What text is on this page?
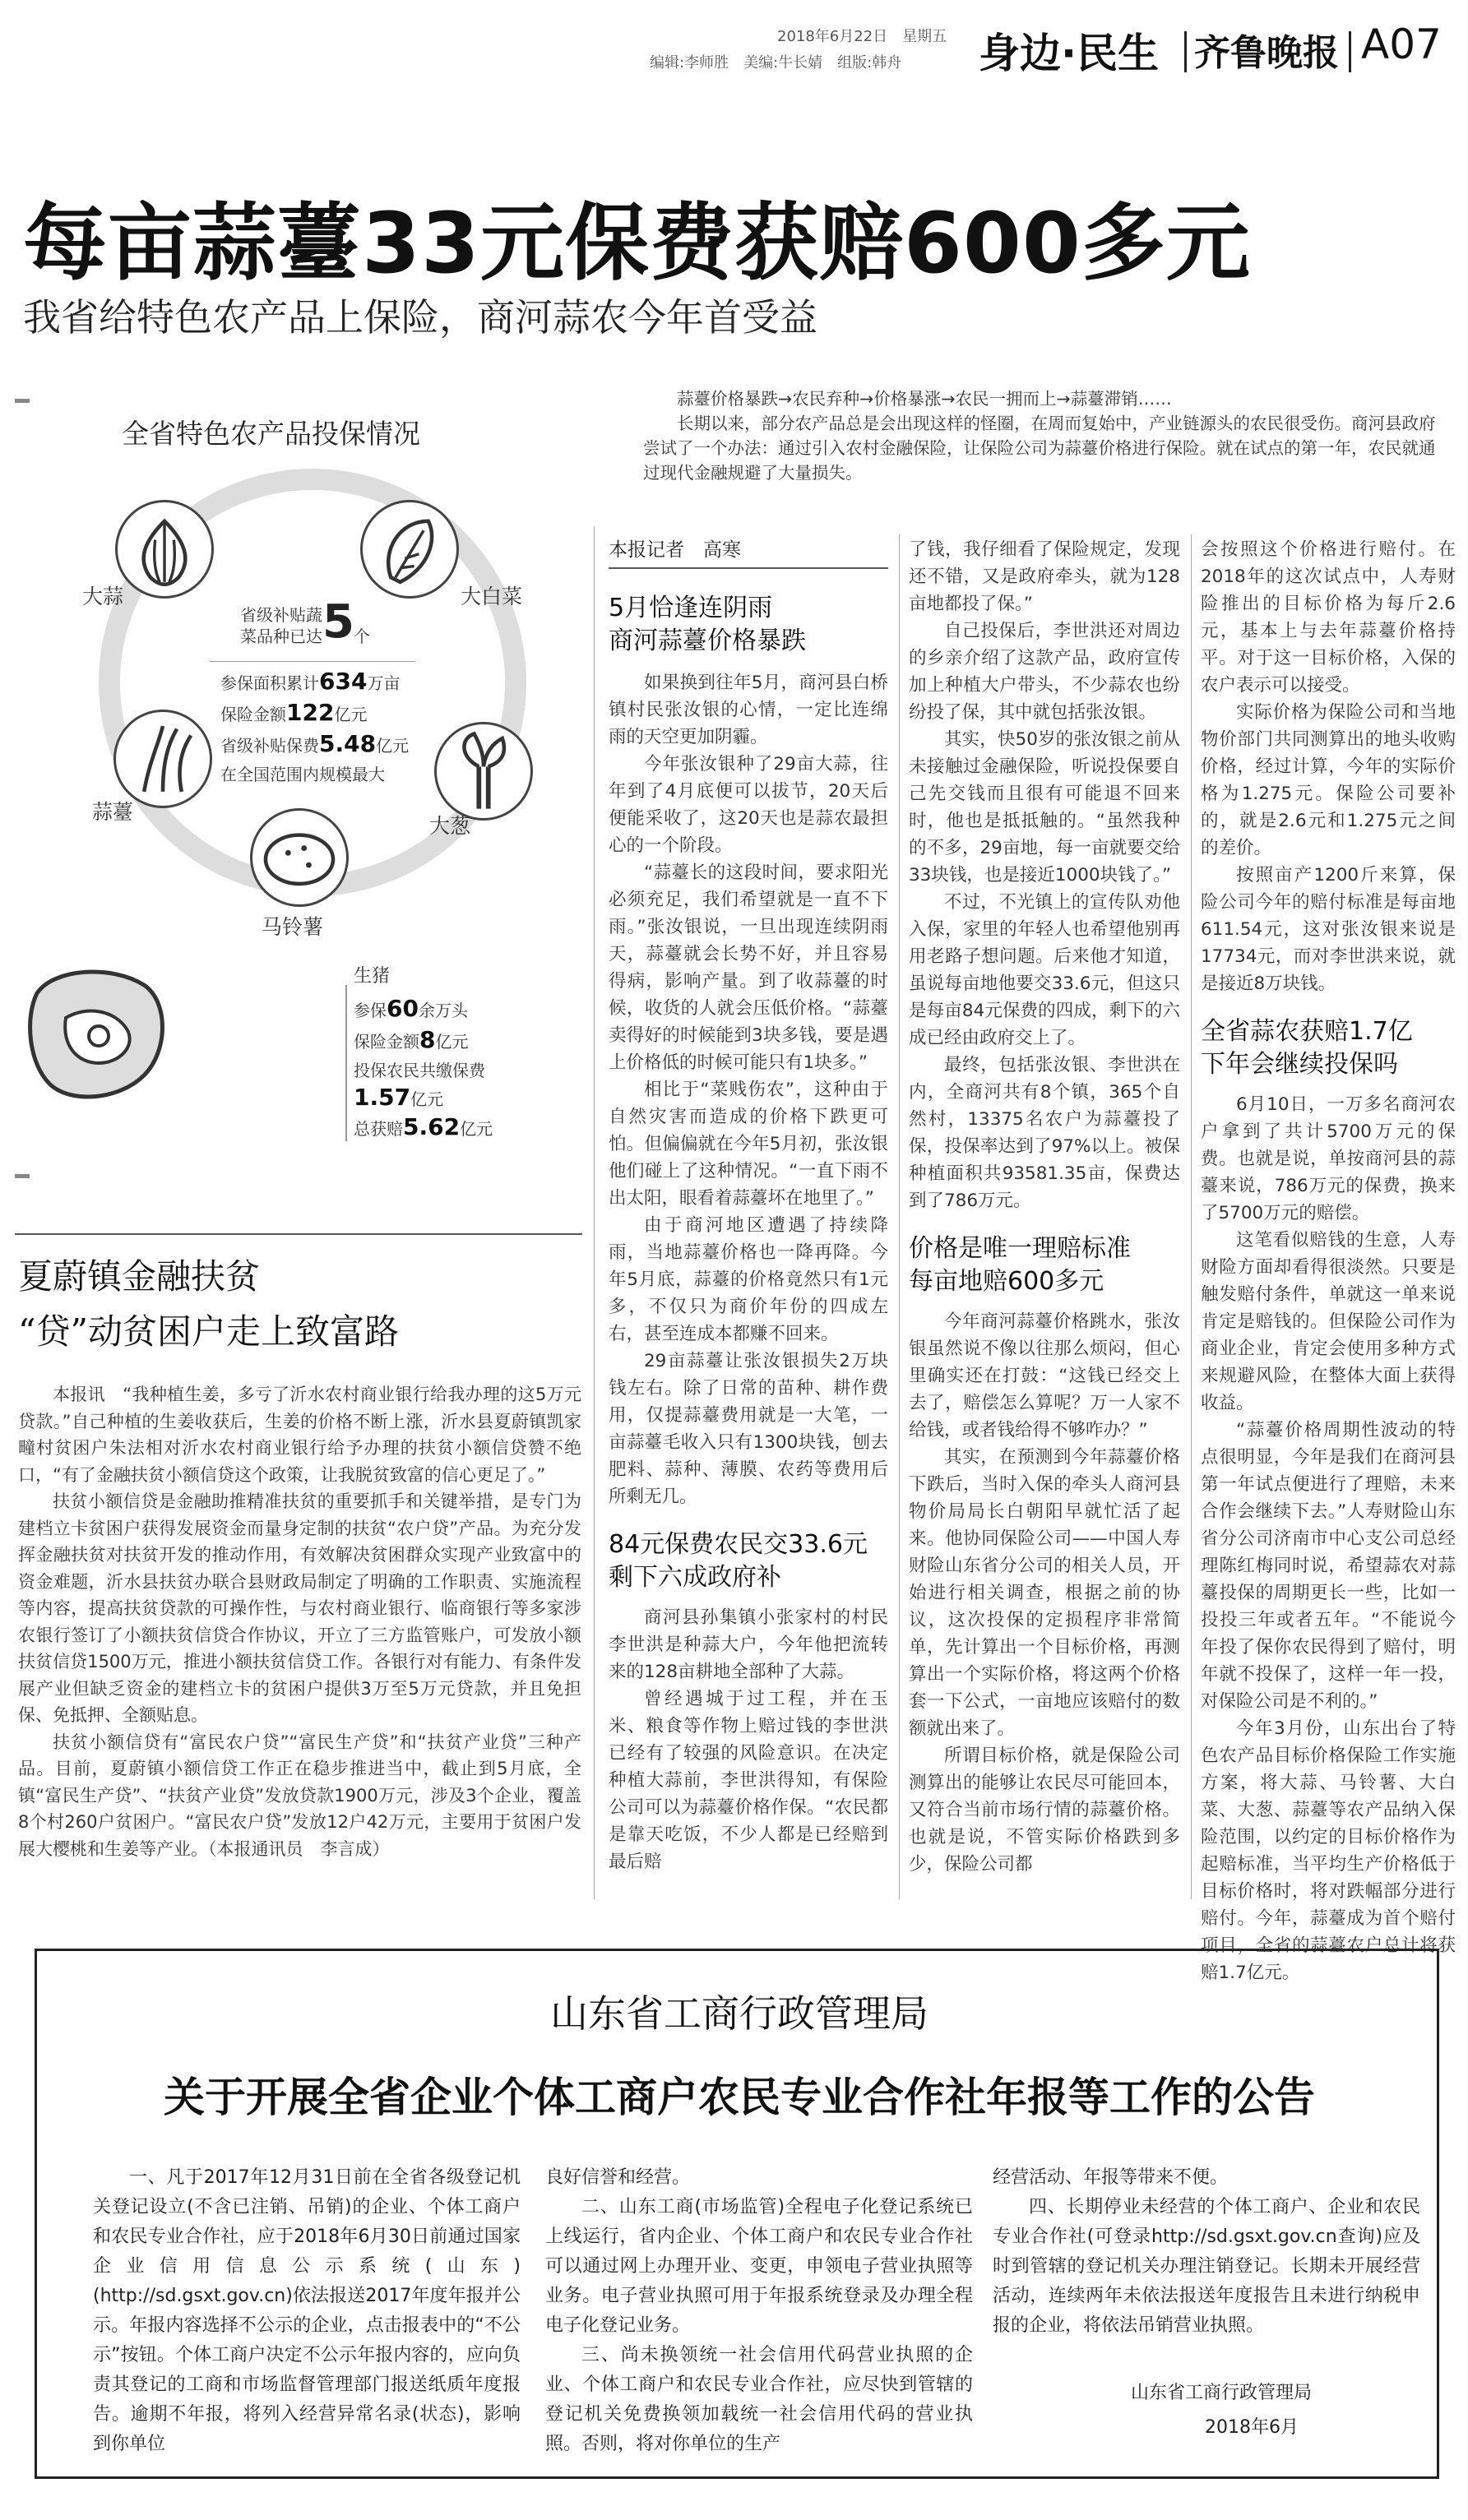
2018年6月22日　星期五
编辑:李师胜　美编:牛长婧　组版:韩舟 身边·民生 齐鲁晚报 A07
每亩蒜薹33元保费获赔600多元
我省给特色农产品上保险，商河蒜农今年首受益

蒜薹价格暴跌→农民弃种→价格暴涨→农民一拥而上→蒜薹滞销……

长期以来，部分农产品总是会出现这样的怪圈，在周而复始中，产业链源头的农民很受伤。商河县政府尝试了一个办法：通过引入农村金融保险，让保险公司为蒜薹价格进行保险。就在试点的第一年，农民就通过现代金融规避了大量损失。

全省特色农产品投保情况
大蒜	大白菜
蒜薹
大葱
马铃薯
省级补贴蔬菜品种已达 5 个
参保面积累计634万亩
保险金额122亿元
省级补贴保费5.48亿元
在全国范围内规模最大
生猪
参保60余万头
保险金额8亿元
投保农民共缴保费
1.57亿元
总获赔5.62亿元
夏蔚镇金融扶贫
“贷”动贫困户走上致富路

本报讯　“我种植生姜，多亏了沂水农村商业银行给我办理的这5万元贷款。”自己种植的生姜收获后，生姜的价格不断上涨，沂水县夏蔚镇凯家疃村贫困户朱法相对沂水农村商业银行给予办理的扶贫小额信贷赞不绝口，“有了金融扶贫小额信贷这个政策，让我脱贫致富的信心更足了。”

扶贫小额信贷是金融助推精准扶贫的重要抓手和关键举措，是专门为建档立卡贫困户获得发展资金而量身定制的扶贫“农户贷”产品。为充分发挥金融扶贫对扶贫开发的推动作用，有效解决贫困群众实现产业致富中的资金难题，沂水县扶贫办联合县财政局制定了明确的工作职责、实施流程等内容，提高扶贫贷款的可操作性，与农村商业银行、临商银行等多家涉农银行签订了小额扶贫信贷合作协议，开立了三方监管账户，可发放小额扶贫信贷1500万元，推进小额扶贫信贷工作。各银行对有能力、有条件发展产业但缺乏资金的建档立卡的贫困户提供3万至5万元贷款，并且免担保、免抵押、全额贴息。

扶贫小额信贷有“富民农户贷”“富民生产贷”和“扶贫产业贷”三种产品。目前，夏蔚镇小额信贷工作正在稳步推进当中，截止到5月底，全镇“富民生产贷”、“扶贫产业贷”发放贷款1900万元，涉及3个企业，覆盖8个村260户贫困户。“富民农户贷”发放12户42万元，主要用于贫困户发展大樱桃和生姜等产业。（本报通讯员　李言成）

本报记者　高寒
5月恰逢连阴雨
商河蒜薹价格暴跌

如果换到往年5月，商河县白桥镇村民张汝银的心情，一定比连绵雨的天空更加阴霾。

今年张汝银种了29亩大蒜，往年到了4月底便可以拔节，20天后便能采收了，这20天也是蒜农最担心的一个阶段。

“蒜薹长的这段时间，要求阳光必须充足，我们希望就是一直不下雨。”张汝银说，一旦出现连续阴雨天，蒜薹就会长势不好，并且容易得病，影响产量。到了收蒜薹的时候，收货的人就会压低价格。“蒜薹卖得好的时候能到3块多钱，要是遇上价格低的时候可能只有1块多。”

相比于“菜贱伤农”，这种由于自然灾害而造成的价格下跌更可怕。但偏偏就在今年5月初，张汝银他们碰上了这种情况。“一直下雨不出太阳，眼看着蒜薹坏在地里了。”

由于商河地区遭遇了持续降雨，当地蒜薹价格也一降再降。今年5月底，蒜薹的价格竟然只有1元多，不仅只为商价年份的四成左右，甚至连成本都赚不回来。

29亩蒜薹让张汝银损失2万块钱左右。除了日常的苗种、耕作费用，仅提蒜薹费用就是一大笔，一亩蒜薹毛收入只有1300块钱，刨去肥料、蒜种、薄膜、农药等费用后所剩无几。

84元保费农民交33.6元
剩下六成政府补

商河县孙集镇小张家村的村民李世洪是种蒜大户，今年他把流转来的128亩耕地全部种了大蒜。

曾经遇城于过工程，并在玉米、粮食等作物上赔过钱的李世洪已经有了较强的风险意识。在决定种植大蒜前，李世洪得知，有保险公司可以为蒜薹价格作保。“农民都是靠天吃饭，不少人都是已经赔到最后赔

了钱，我仔细看了保险规定，发现还不错，又是政府牵头，就为128亩地都投了保。”

自己投保后，李世洪还对周边的乡亲介绍了这款产品，政府宣传加上种植大户带头，不少蒜农也纷纷投了保，其中就包括张汝银。

其实，快50岁的张汝银之前从未接触过金融保险，听说投保要自己先交钱而且很有可能退不回来时，他也是抵抵触的。“虽然我种的不多，29亩地，每一亩就要交给33块钱，也是接近1000块钱了。”

不过，不光镇上的宣传队劝他入保，家里的年轻人也希望他别再用老路子想问题。后来他才知道，虽说每亩地他要交33.6元，但这只是每亩84元保费的四成，剩下的六成已经由政府交上了。

最终，包括张汝银、李世洪在内，全商河共有8个镇，365个自然村，13375名农户为蒜薹投了保，投保率达到了97%以上。被保种植面积共93581.35亩，保费达到了786万元。

价格是唯一理赔标准
每亩地赔600多元

今年商河蒜薹价格跳水，张汝银虽然说不像以往那么烦闷，但心里确实还在打鼓：“这钱已经交上去了，赔偿怎么算呢？万一人家不给钱，或者钱给得不够咋办？”

其实，在预测到今年蒜薹价格下跌后，当时入保的牵头人商河县物价局局长白朝阳早就忙活了起来。他协同保险公司——中国人寿财险山东省分公司的相关人员，开始进行相关调查，根据之前的协议，这次投保的定损程序非常简单，先计算出一个目标价格，再测算出一个实际价格，将这两个价格套一下公式，一亩地应该赔付的数额就出来了。

所谓目标价格，就是保险公司测算出的能够让农民尽可能回本，又符合当前市场行情的蒜薹价格。也就是说，不管实际价格跌到多少，保险公司都

会按照这个价格进行赔付。在2018年的这次试点中，人寿财险推出的目标价格为每斤2.6元，基本上与去年蒜薹价格持平。对于这一目标价格，入保的农户表示可以接受。

实际价格为保险公司和当地物价部门共同测算出的地头收购价格，经过计算，今年的实际价格为1.275元。保险公司要补的，就是2.6元和1.275元之间的差价。

按照亩产1200斤来算，保险公司今年的赔付标准是每亩地611.54元，这对张汝银来说是17734元，而对李世洪来说，就是接近8万块钱。

全省蒜农获赔1.7亿
下年会继续投保吗

6月10日，一万多名商河农户拿到了共计5700万元的保费。也就是说，单按商河县的蒜薹来说，786万元的保费，换来了5700万元的赔偿。

这笔看似赔钱的生意，人寿财险方面却看得很淡然。只要是触发赔付条件，单就这一单来说肯定是赔钱的。但保险公司作为商业企业，肯定会使用多种方式来规避风险，在整体大面上获得收益。

“蒜薹价格周期性波动的特点很明显，今年是我们在商河县第一年试点便进行了理赔，未来合作会继续下去。”人寿财险山东省分公司济南市中心支公司总经理陈红梅同时说，希望蒜农对蒜薹投保的周期更长一些，比如一投投三年或者五年。“不能说今年投了保你农民得到了赔付，明年就不投保了，这样一年一投，对保险公司是不利的。”

今年3月份，山东出台了特色农产品目标价格保险工作实施方案，将大蒜、马铃薯、大白菜、大葱、蒜薹等农产品纳入保险范围，以约定的目标价格作为起赔标准，当平均生产价格低于目标价格时，将对跌幅部分进行赔付。今年，蒜薹成为首个赔付项目，全省的蒜薹农户总计将获赔1.7亿元。

山东省工商行政管理局
关于开展全省企业个体工商户农民专业合作社年报等工作的公告

一、凡于2017年12月31日前在全省各级登记机关登记设立(不含已注销、吊销)的企业、个体工商户和农民专业合作社，应于2018年6月30日前通过国家企业信用信息公示系统(山东)(http://sd.gsxt.gov.cn)依法报送2017年度年报并公示。年报内容选择不公示的企业，点击报表中的“不公示”按钮。个体工商户决定不公示年报内容的，应向负责其登记的工商和市场监督管理部门报送纸质年度报告。逾期不年报，将列入经营异常名录(状态)，影响到你单位

良好信誉和经营。

二、山东工商(市场监管)全程电子化登记系统已上线运行，省内企业、个体工商户和农民专业合作社可以通过网上办理开业、变更，申领电子营业执照等业务。电子营业执照可用于年报系统登录及办理全程电子化登记业务。

三、尚未换领统一社会信用代码营业执照的企业、个体工商户和农民专业合作社，应尽快到管辖的登记机关免费换领加载统一社会信用代码的营业执照。否则，将对你单位的生产

经营活动、年报等带来不便。

四、长期停业未经营的个体工商户、企业和农民专业合作社(可登录http://sd.gsxt.gov.cn查询)应及时到管辖的登记机关办理注销登记。长期未开展经营活动，连续两年未依法报送年度报告且未进行纳税申报的企业，将依法吊销营业执照。

山东省工商行政管理局
2018年6月
